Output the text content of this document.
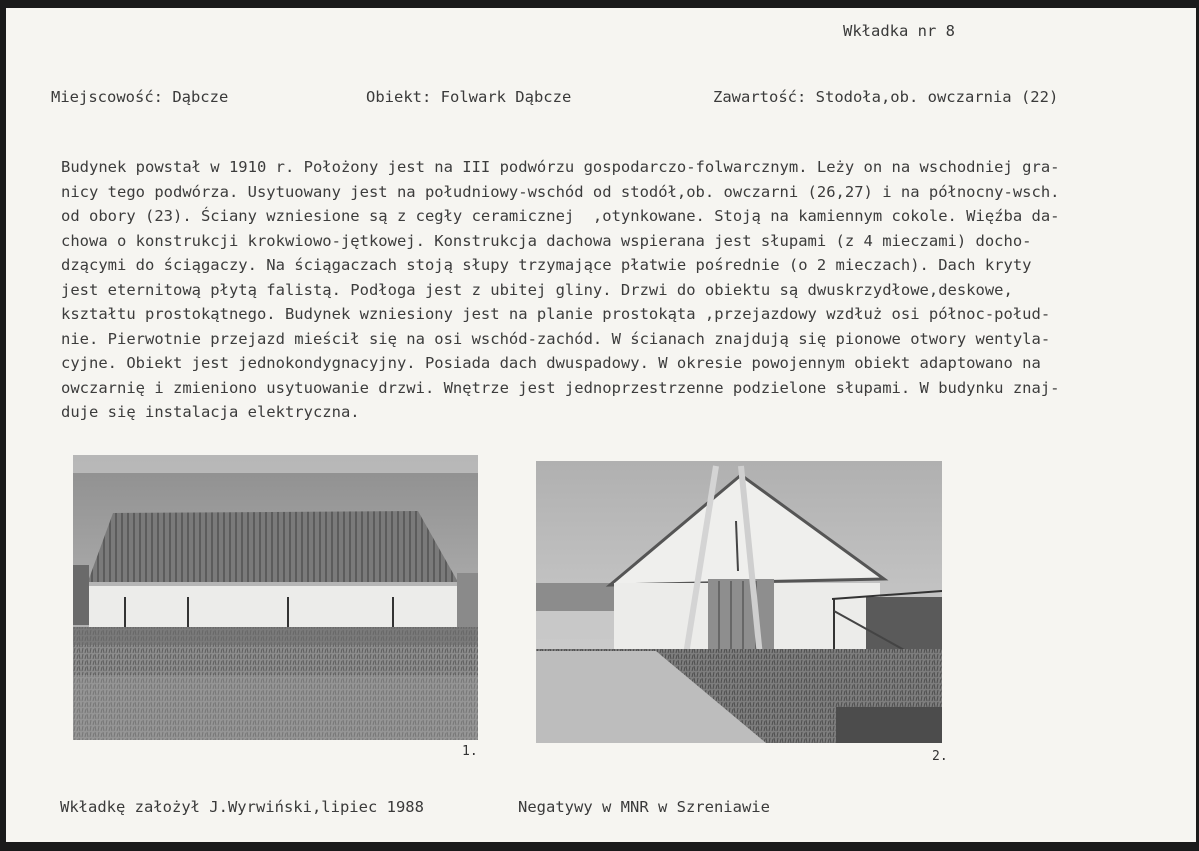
Wkładka nr 8
Miejscowość: Dąbcze	Obiekt: Folwark Dąbcze	Zawartość: Stodoła,ob. owczarnia (22)
Budynek powstał w 1910 r. Położony jest na III podwórzu gospodarczo-folwarcznym. Leży on na wschodniej gra-
nicy tego podwórza. Usytuowany jest na południowy-wschód od stodół,ob. owczarni (26,27) i na północny-wsch.
od obory (23). Ściany wzniesione są z cegły ceramicznej  ,otynkowane. Stoją na kamiennym cokole. Więźba da-
chowa o konstrukcji krokwiowo-jętkowej. Konstrukcja dachowa wspierana jest słupami (z 4 mieczami) docho-
dzącymi do ściągaczy. Na ściągaczach stoją słupy trzymające płatwie pośrednie (o 2 mieczach). Dach kryty
jest eternitową płytą falistą. Podłoga jest z ubitej gliny. Drzwi do obiektu są dwuskrzydłowe,deskowe,
kształtu prostokątnego. Budynek wzniesiony jest na planie prostokąta ,przejazdowy wzdłuż osi północ-połud-
nie. Pierwotnie przejazd mieścił się na osi wschód-zachód. W ścianach znajdują się pionowe otwory wentyla-
cyjne. Obiekt jest jednokondygnacyjny. Posiada dach dwuspadowy. W okresie powojennym obiekt adaptowano na
owczarnię i zmieniono usytuowanie drzwi. Wnętrze jest jednoprzestrzenne podzielone słupami. W budynku znaj-
duje się instalacja elektryczna.
1.	2.
Wkładkę założył J.Wyrwiński,lipiec 1988	Negatywy w MNR w Szreniawie
